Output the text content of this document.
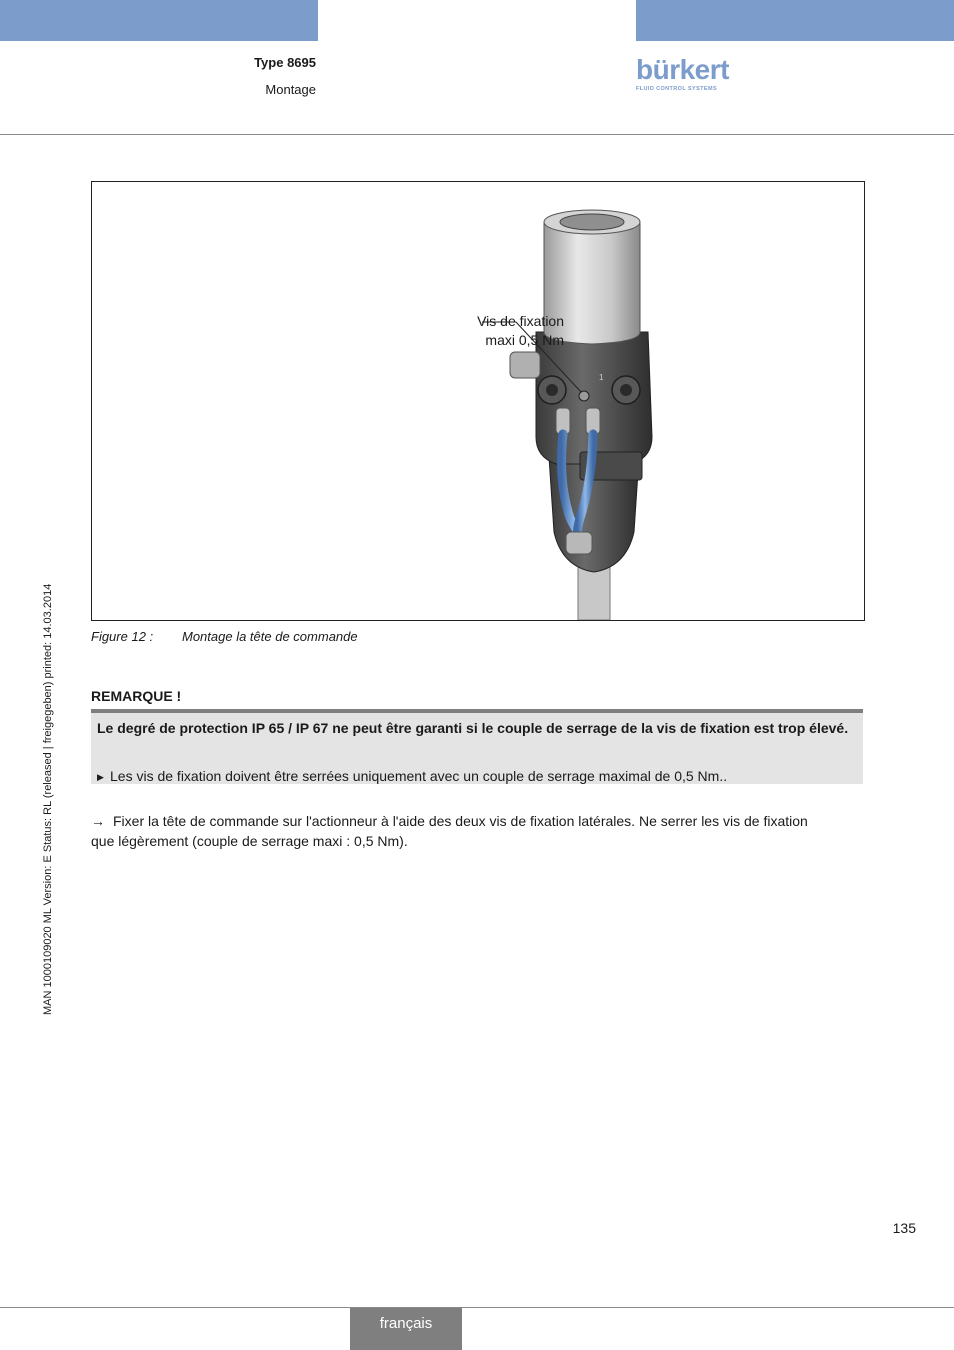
Type 8695
Montage
bürkert
FLUID CONTROL SYSTEMS
1
Vis de fixation
maxi 0,5 Nm
Figure 12 : Montage la tête de commande
REMARQUE !
Le degré de protection IP 65 / IP 67 ne peut être garanti si le couple de serrage de la vis de fixation est trop élevé.
▶ Les vis de fixation doivent être serrées uniquement avec un couple de serrage maximal de 0,5 Nm..
→ Fixer la tête de commande sur l'actionneur à l'aide des deux vis de fixation latérales. Ne serrer les vis de fixation que légèrement (couple de serrage maxi : 0,5 Nm).
MAN 1000109020 ML Version: E Status: RL (released | freigegeben) printed: 14.03.2014
135
français
